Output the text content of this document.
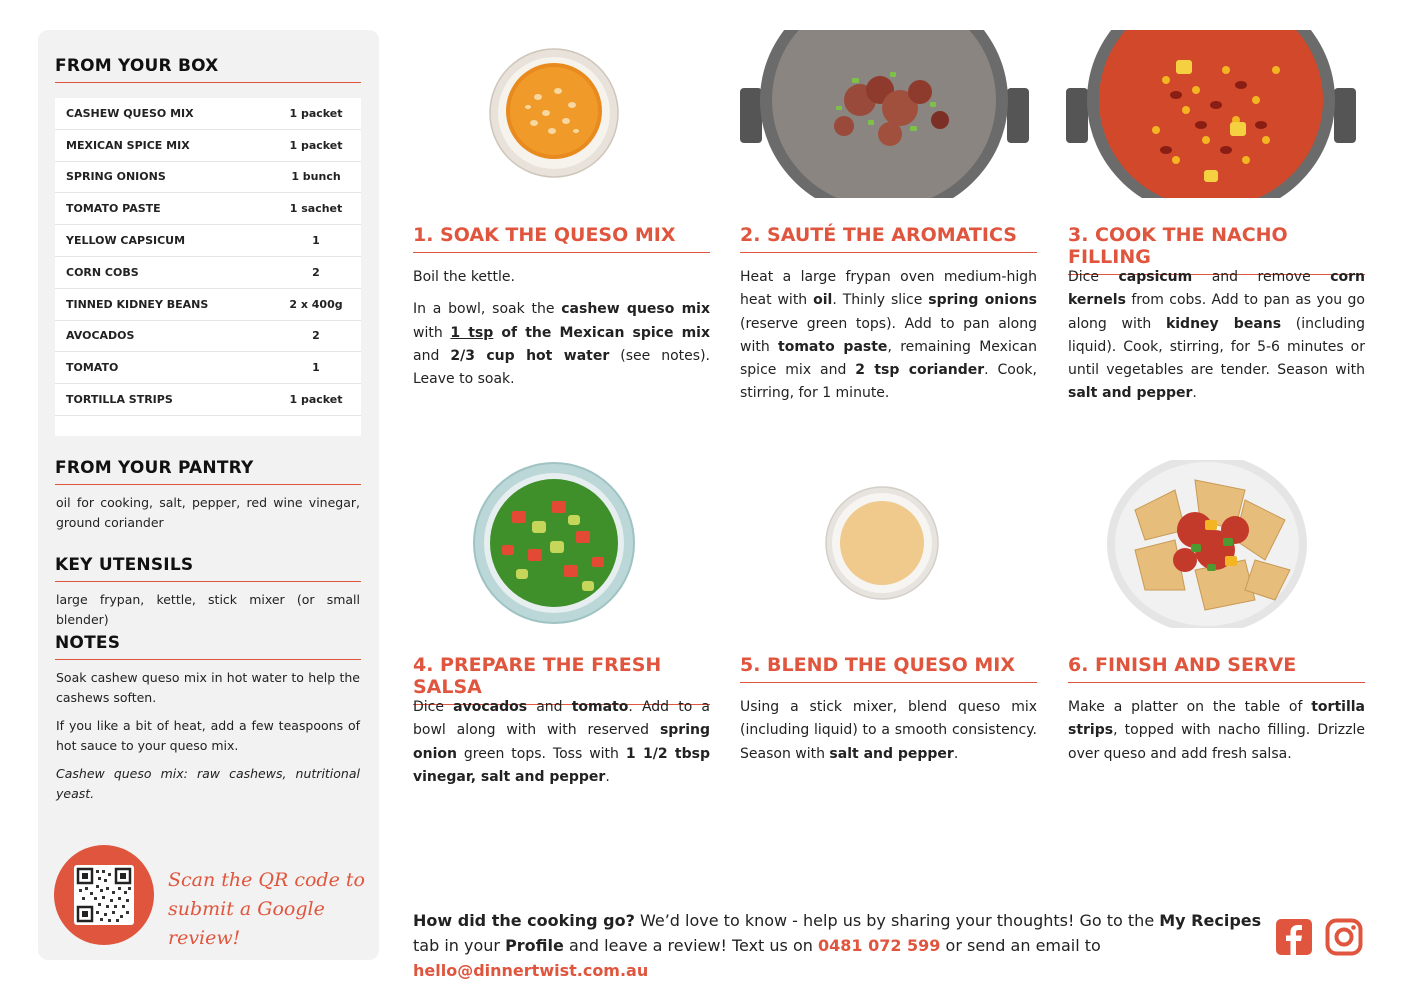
FROM YOUR BOX
CASHEW QUESO MIX	1 packet
MEXICAN SPICE MIX	1 packet
SPRING ONIONS	1 bunch
TOMATO PASTE	1 sachet
YELLOW CAPSICUM	1
CORN COBS	2
TINNED KIDNEY BEANS	2 x 400g
AVOCADOS	2
TOMATO	1
TORTILLA STRIPS	1 packet
FROM YOUR PANTRY
oil for cooking, salt, pepper, red wine vinegar, ground coriander
KEY UTENSILS
large frypan, kettle, stick mixer (or small blender)
NOTES

Soak cashew queso mix in hot water to help the cashews soften.

If you like a bit of heat, add a few teaspoons of hot sauce to your queso mix.

Cashew queso mix: raw cashews, nutritional yeast.

Scan the QR code to
submit a Google review!
1. SOAK THE QUESO MIX

Boil the kettle.

In a bowl, soak the cashew queso mix with 1 tsp of the Mexican spice mix and 2/3 cup hot water (see notes). Leave to soak.

2. SAUTÉ THE AROMATICS

Heat a large frypan oven medium-high heat with oil. Thinly slice spring onions (reserve green tops). Add to pan along with tomato paste, remaining Mexican spice mix and 2 tsp coriander. Cook, stirring, for 1 minute.

3. COOK THE NACHO FILLING

Dice capsicum and remove corn kernels from cobs. Add to pan as you go along with kidney beans (including liquid). Cook, stirring, for 5-6 minutes or until vegetables are tender. Season with salt and pepper.

4. PREPARE THE FRESH SALSA

Dice avocados and tomato. Add to a bowl along with with reserved spring onion green tops. Toss with 1 1/2 tbsp vinegar, salt and pepper.

5. BLEND THE QUESO MIX

Using a stick mixer, blend queso mix (including liquid) to a smooth consistency. Season with salt and pepper.

6. FINISH AND SERVE

Make a platter on the table of tortilla strips, topped with nacho filling. Drizzle over queso and add fresh salsa.

How did the cooking go? We’d love to know - help us by sharing your thoughts! Go to the My Recipes tab in your Profile and leave a review! Text us on 0481 072 599 or send an email to hello@dinnertwist.com.au
